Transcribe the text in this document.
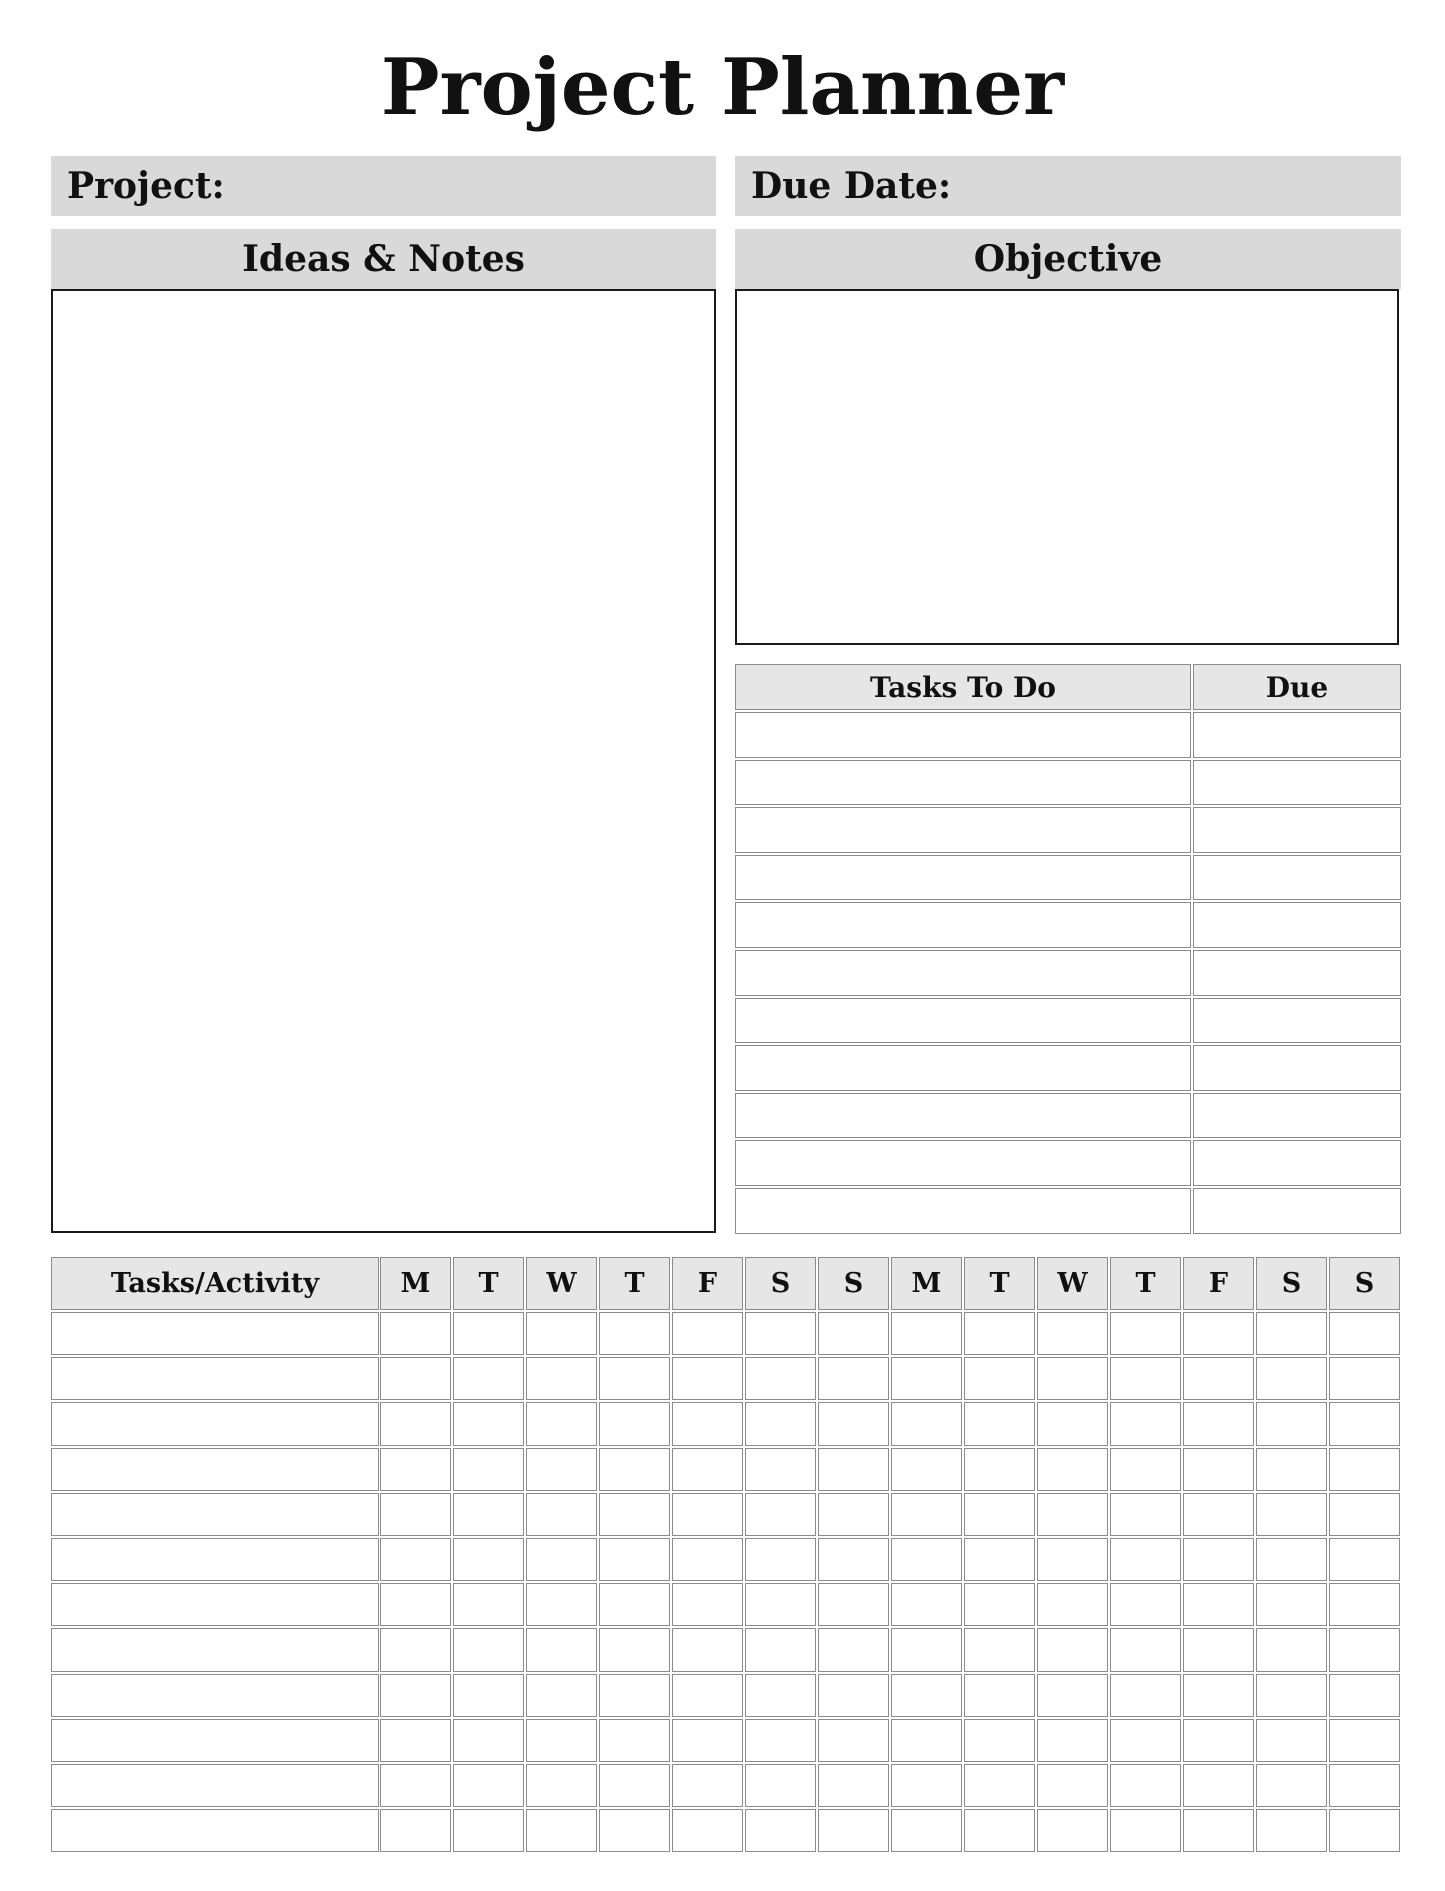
Project Planner
Project:	Due Date:
Ideas & Notes	Objective
Tasks To Do	Due
Tasks/Activity	M	T	W	T	F	S	S	M	T	W	T	F	S	S
